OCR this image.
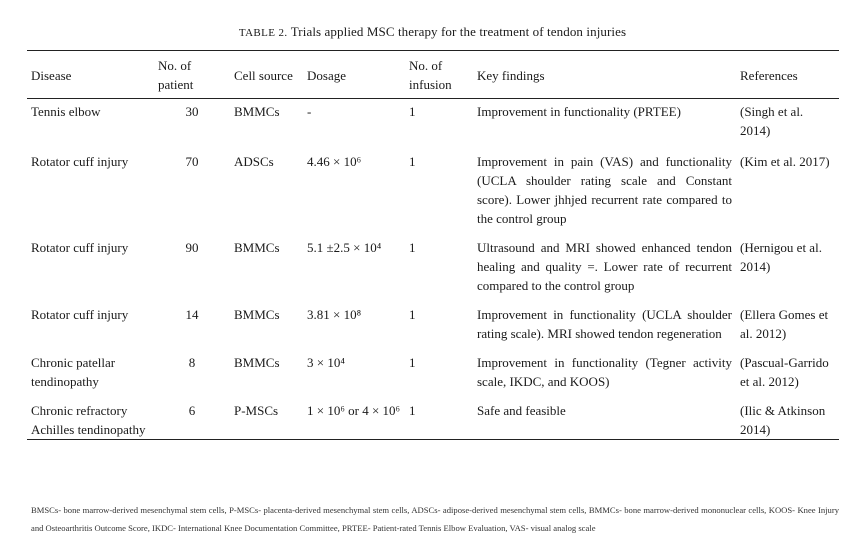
TABLE 2. Trials applied MSC therapy for the treatment of tendon injuries
Disease	No. of patient	Cell source	Dosage	No. of infusion	Key findings	References
Tennis elbow	30	BMMCs	-	1	Improvement in functionality (PRTEE)	(Singh et al. 2014)
Rotator cuff injury	70	ADSCs	4.46 × 10⁶	1	Improvement in pain (VAS) and functionality (UCLA shoulder rating scale and Constant score). Lower jhhjed recurrent rate compared to the control group	(Kim et al. 2017)
Rotator cuff injury	90	BMMCs	5.1 ±2.5 × 10⁴	1	Ultrasound and MRI showed enhanced tendon healing and quality =. Lower rate of recurrent compared to the control group	(Hernigou et al. 2014)
Rotator cuff injury	14	BMMCs	3.81 × 10⁸	1	Improvement in functionality (UCLA shoulder rating scale). MRI showed tendon regeneration	(Ellera Gomes et al. 2012)
Chronic patellar tendinopathy	8	BMMCs	3 × 10⁴	1	Improvement in functionality (Tegner activity scale, IKDC, and KOOS)	(Pascual-Garrido et al. 2012)
Chronic refractory Achilles tendinopathy	6	P-MSCs	1 × 10⁶ or 4 × 10⁶	1	Safe and feasible	(Ilic & Atkinson 2014)
BMSCs- bone marrow-derived mesenchymal stem cells, P-MSCs- placenta-derived mesenchymal stem cells, ADSCs- adipose-derived mesenchymal stem cells, BMMCs- bone marrow-derived mononuclear cells, KOOS- Knee Injury and Osteoarthritis Outcome Score, IKDC- International Knee Documentation Committee, PRTEE- Patient-rated Tennis Elbow Evaluation, VAS- visual analog scale
